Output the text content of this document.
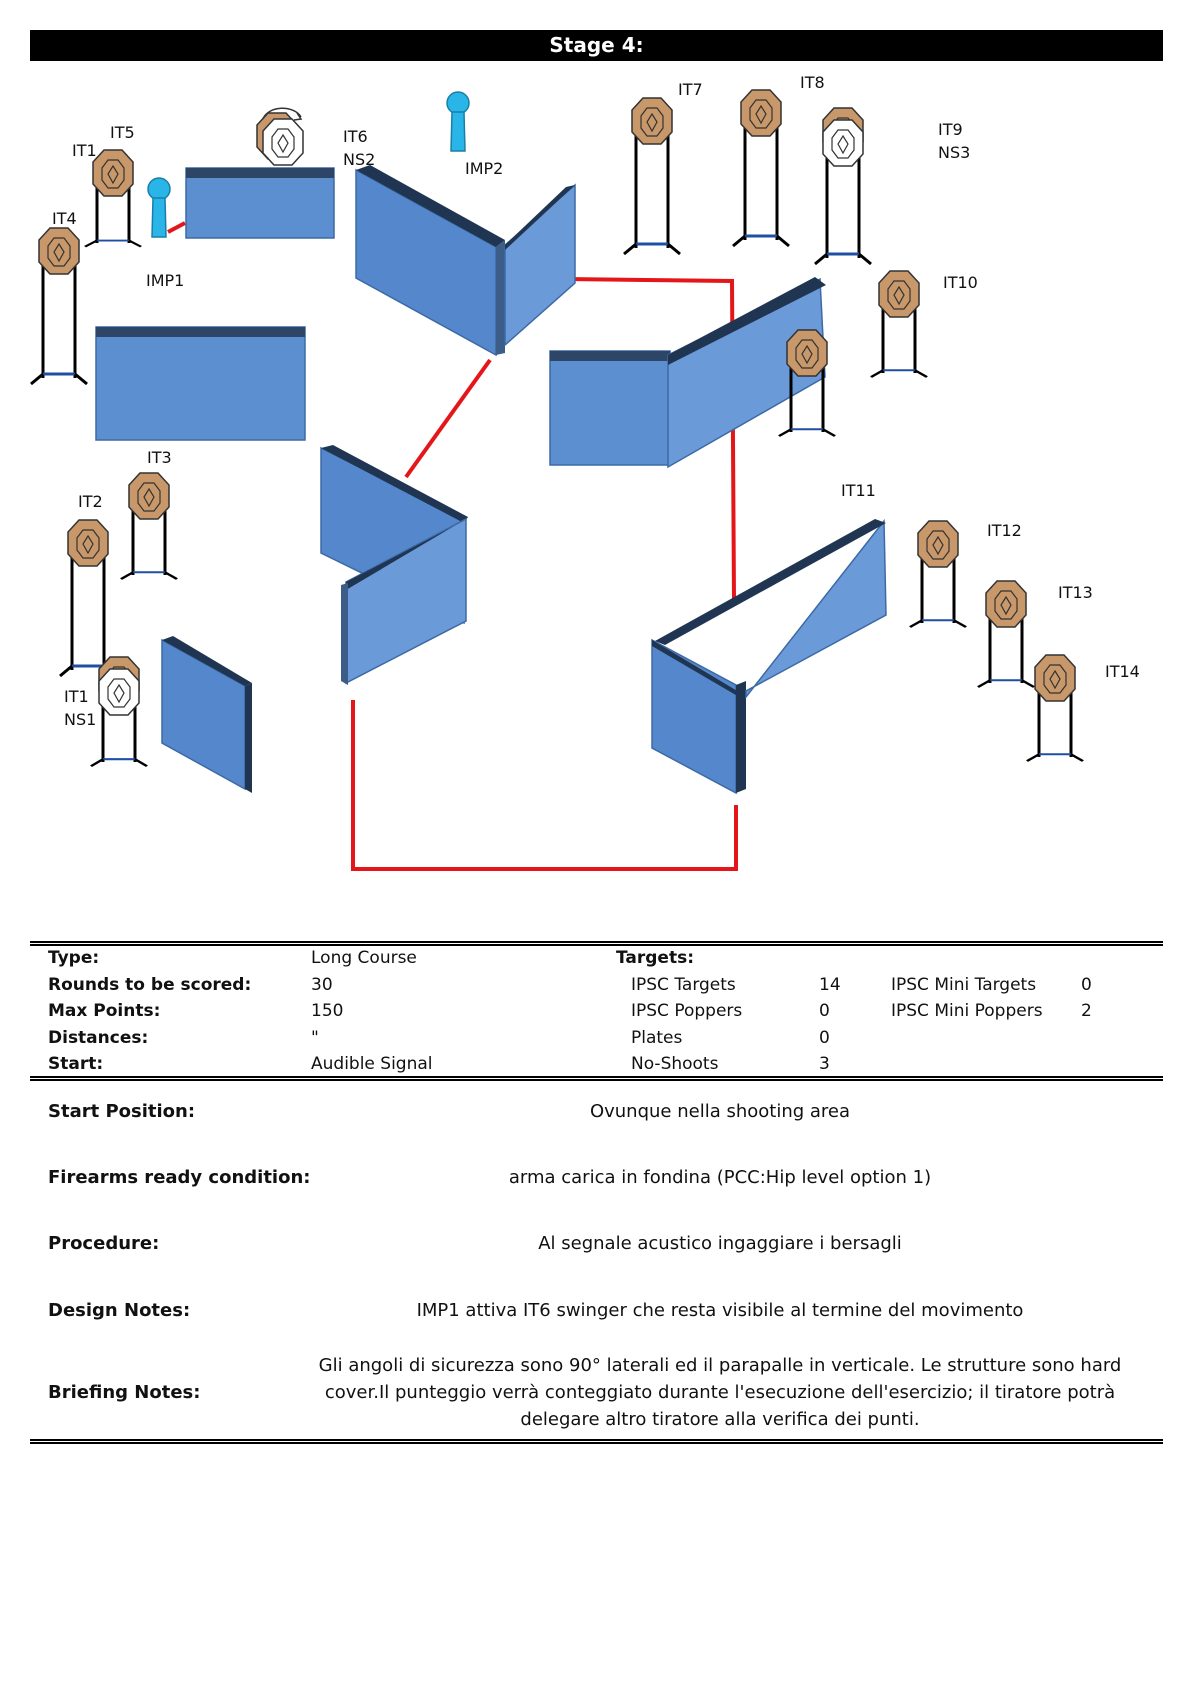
Stage 4:
IT1
IT1
NS1
IT2
IT3
IT4
IT5	IT6
NS2
IMP1
IMP2
IT7	IT8
IT9
NS3
IT10
IT11
IT12
IT13
IT14
Type:	Long Course	Targets:
Rounds to be scored:	30	IPSC Targets	14	IPSC Mini Targets	0
Max Points:	150	IPSC Poppers	0	IPSC Mini Poppers 2
Distances:	"	Plates	0
Start:	Audible Signal	No-Shoots	3
Start Position:	Ovunque nella shooting area
Firearms ready condition:	arma carica in fondina (PCC:Hip level option 1)
Procedure:	Al segnale acustico ingaggiare i bersagli
Design Notes:	IMP1 attiva IT6 swinger che resta visibile al termine del movimento
Briefing Notes:
Gli angoli di sicurezza sono 90° laterali ed il parapalle in verticale. Le strutture sono hard
cover.Il punteggio verrà conteggiato durante l'esecuzione dell'esercizio; il tiratore potrà
delegare altro tiratore alla verifica dei punti.
